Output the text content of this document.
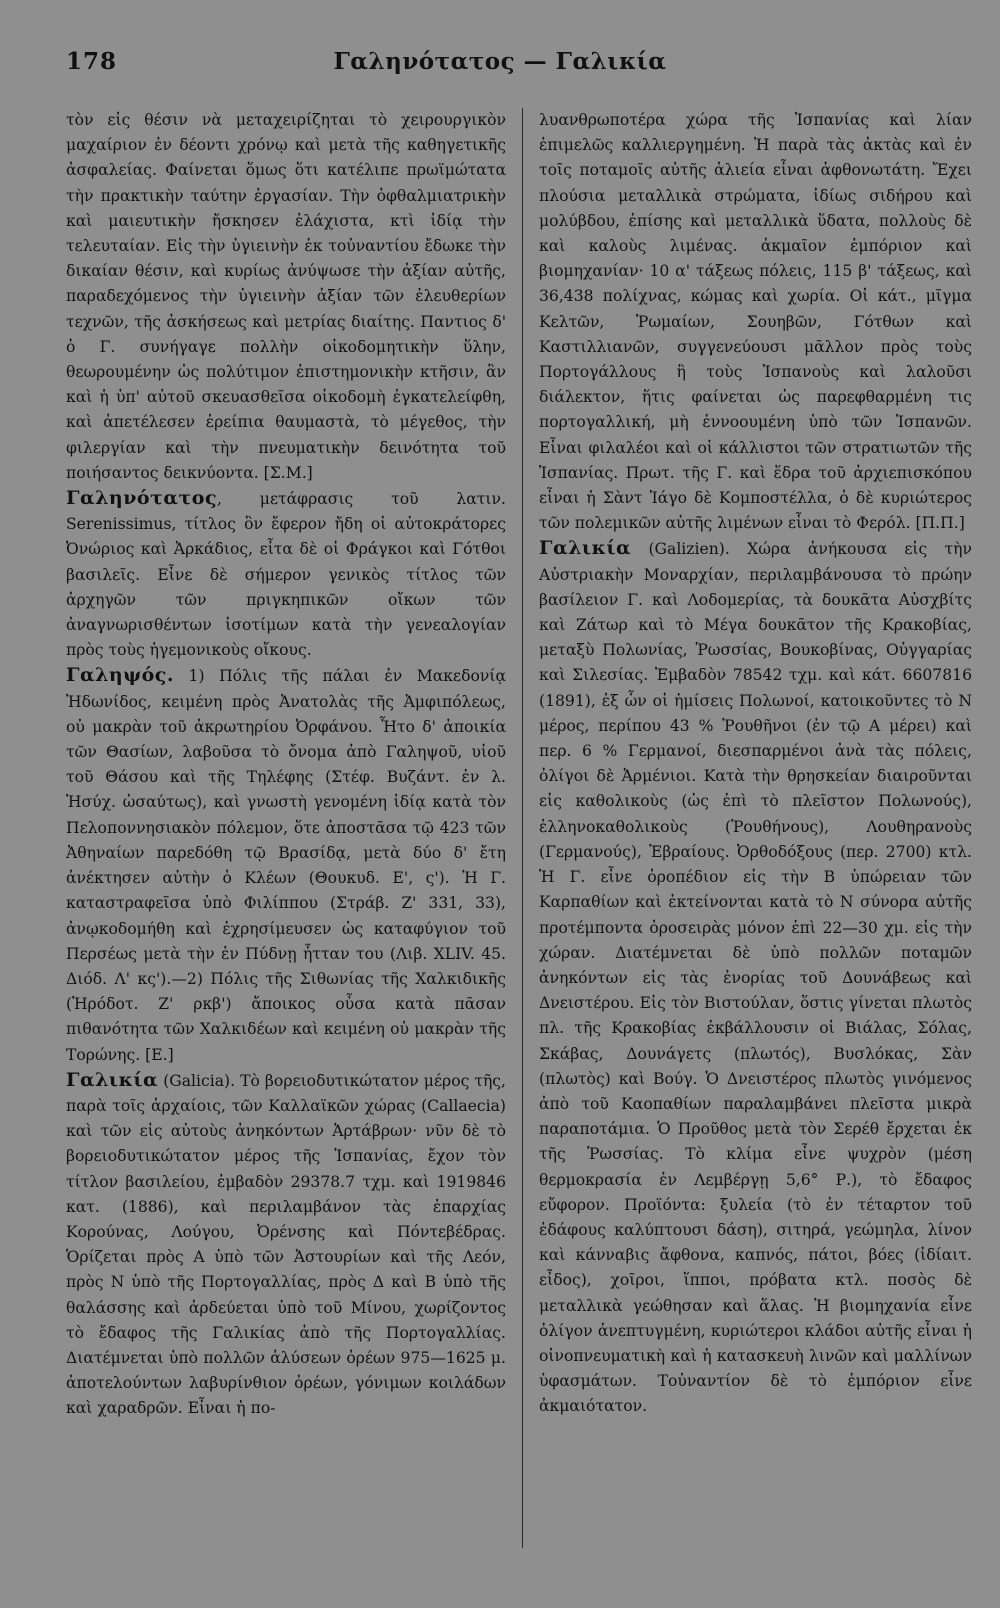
178	Γαληνότατος — Γαλικία

τὸν εἰς θέσιν νὰ μεταχειρίζηται τὸ χειρουργικὸν μαχαίριον ἐν δέοντι χρόνῳ καὶ μετὰ τῆς καθηγετικῆς ἀσφαλείας. Φαίνεται ὅμως ὅτι κατέλιπε πρωϊμώτατα τὴν πρακτικὴν ταύτην ἐργασίαν. Τὴν ὀφθαλμιατρικὴν καὶ μαιευτικὴν ἤσκησεν ἐλάχιστα, κτὶ ἰδίᾳ τὴν τελευταίαν. Εἰς τὴν ὑγιεινὴν ἐκ τοὐναντίου ἔδωκε τὴν δικαίαν θέσιν, καὶ κυρίως ἀνύψωσε τὴν ἀξίαν αὐτῆς, παραδεχόμενος τὴν ὑγιεινὴν ἀξίαν τῶν ἐλευθερίων τεχνῶν, τῆς ἀσκήσεως καὶ μετρίας διαίτης. Παντιος δ' ὁ Γ. συνήγαγε πολλὴν οἰκοδομητικὴν ὕλην, θεωρουμένην ὡς πολύτιμον ἐπιστημονικὴν κτῆσιν, ἂν καὶ ἡ ὑπ' αὐτοῦ σκευασθεῖσα οἰκοδομὴ ἐγκατελείφθη, καὶ ἀπετέλεσεν ἐρείπια θαυμαστὰ, τὸ μέγεθος, τὴν φιλεργίαν καὶ τὴν πνευματικὴν δεινότητα τοῦ ποιήσαντος δεικνύοντα. [Σ.Μ.]

Γαληνότατος, μετάφρασις τοῦ λατιν. Serenissimus, τίτλος ὃν ἔφερον ἤδη οἱ αὐτοκράτορες Ὀνώριος καὶ Ἀρκάδιος, εἶτα δὲ οἱ Φράγκοι καὶ Γότθοι βασιλεῖς. Εἶνε δὲ σήμερον γενικὸς τίτλος τῶν ἀρχηγῶν τῶν πριγκηπικῶν οἴκων τῶν ἀναγνωρισθέντων ἰσοτίμων κατὰ τὴν γενεαλογίαν πρὸς τοὺς ἡγεμονικοὺς οἴκους.

Γαληψός. 1) Πόλις τῆς πάλαι ἐν Μακεδονίᾳ Ἠδωνίδος, κειμένη πρὸς Ἀνατολὰς τῆς Ἀμφιπόλεως, οὐ μακρὰν τοῦ ἀκρωτηρίου Ὀρφάνου. Ἦτο δ' ἀποικία τῶν Θασίων, λαβοῦσα τὸ ὄνομα ἀπὸ Γαληψοῦ, υἱοῦ τοῦ Θάσου καὶ τῆς Τηλέφης (Στέφ. Βυζάντ. ἐν λ. Ἡσύχ. ὡσαύτως), καὶ γνωστὴ γενομένη ἰδίᾳ κατὰ τὸν Πελοποννησιακὸν πόλεμον, ὅτε ἀποστᾶσα τῷ 423 τῶν Ἀθηναίων παρεδόθη τῷ Βρασίδᾳ, μετὰ δύο δ' ἔτη ἀνέκτησεν αὐτὴν ὁ Κλέων (Θουκυδ. Ε', ς'). Ἡ Γ. καταστραφεῖσα ὑπὸ Φιλίππου (Στράβ. Ζ' 331, 33), ἀνῳκοδομήθη καὶ ἐχρησίμευσεν ὡς καταφύγιον τοῦ Περσέως μετὰ τὴν ἐν Πύδνῃ ἧτταν του (Λιβ. XLIV. 45. Διόδ. Λ' κς').—2) Πόλις τῆς Σιθωνίας τῆς Χαλκιδικῆς (Ἡρόδοτ. Ζ' ρκβ') ἄποικος οὖσα κατὰ πᾶσαν πιθανότητα τῶν Χαλκιδέων καὶ κειμένη οὐ μακρὰν τῆς Τορώνης. [Ε.]

Γαλικία (Galicia). Τὸ βορειοδυτικώτατον μέρος τῆς, παρὰ τοῖς ἀρχαίοις, τῶν Καλλαϊκῶν χώρας (Callaecia) καὶ τῶν εἰς αὐτοὺς ἀνηκόντων Ἀρτάβρων· νῦν δὲ τὸ βορειοδυτικώτατον μέρος τῆς Ἱσπανίας, ἔχον τὸν τίτλον βασιλείου, ἐμβαδὸν 29378.7 τχμ. καὶ 1919846 κατ. (1886), καὶ περιλαμβάνον τὰς ἐπαρχίας Κορούνας, Λούγου, Ὀρένσης καὶ Πόντεβέδρας. Ὁρίζεται πρὸς Α ὑπὸ τῶν Ἀστουρίων καὶ τῆς Λεόν, πρὸς Ν ὑπὸ τῆς Πορτογαλλίας, πρὸς Δ καὶ Β ὑπὸ τῆς θαλάσσης καὶ ἀρδεύεται ὑπὸ τοῦ Μίνου, χωρίζοντος τὸ ἔδαφος τῆς Γαλικίας ἀπὸ τῆς Πορτογαλλίας. Διατέμνεται ὑπὸ πολλῶν ἀλύσεων ὀρέων 975—1625 μ. ἀποτελούντων λαβυρίνθιον ὀρέων, γόνιμων κοιλάδων καὶ χαραδρῶν. Εἶναι ἡ πο-

λυανθρωποτέρα χώρα τῆς Ἱσπανίας καὶ λίαν ἐπιμελῶς καλλιεργημένη. Ἡ παρὰ τὰς ἀκτὰς καὶ ἐν τοῖς ποταμοῖς αὐτῆς ἁλιεία εἶναι ἀφθονωτάτη. Ἔχει πλούσια μεταλλικὰ στρώματα, ἰδίως σιδήρου καὶ μολύβδου, ἐπίσης καὶ μεταλλικὰ ὕδατα, πολλοὺς δὲ καὶ καλοὺς λιμένας. ἀκμαῖον ἐμπόριον καὶ βιομηχανίαν· 10 α' τάξεως πόλεις, 115 β' τάξεως, καὶ 36,438 πολίχνας, κώμας καὶ χωρία. Οἱ κάτ., μῖγμα Κελτῶν, Ῥωμαίων, Σουηβῶν, Γότθων καὶ Καστιλλιανῶν, συγγενεύουσι μᾶλλον πρὸς τοὺς Πορτογάλλους ἢ τοὺς Ἱσπανοὺς καὶ λαλοῦσι διάλεκτον, ἥτις φαίνεται ὡς παρεφθαρμένη τις πορτογαλλική, μὴ ἐννοουμένη ὑπὸ τῶν Ἱσπανῶν. Εἶναι φιλαλέοι καὶ οἱ κάλλιστοι τῶν στρατιωτῶν τῆς Ἱσπανίας. Πρωτ. τῆς Γ. καὶ ἕδρα τοῦ ἀρχιεπισκόπου εἶναι ἡ Σὰντ Ἰάγο δὲ Κομποστέλλα, ὁ δὲ κυριώτερος τῶν πολεμικῶν αὐτῆς λιμένων εἶναι τὸ Φερόλ. [Π.Π.]

Γαλικία (Galizien). Χώρα ἀνήκουσα εἰς τὴν Αὐστριακὴν Μοναρχίαν, περιλαμβάνουσα τὸ πρώην βασίλειον Γ. καὶ Λοδομερίας, τὰ δουκᾶτα Αὐσχβίτς καὶ Ζάτωρ καὶ τὸ Μέγα δουκᾶτον τῆς Κρακοβίας, μεταξὺ Πολωνίας, Ῥωσσίας, Βουκοβίνας, Οὐγγαρίας καὶ Σιλεσίας. Ἐμβαδὸν 78542 τχμ. καὶ κάτ. 6607816 (1891), ἐξ ὧν οἱ ἡμίσεις Πολωνοί, κατοικοῦντες τὸ Ν μέρος, περίπου 43 % Ῥουθῆνοι (ἐν τῷ Α μέρει) καὶ περ. 6 % Γερμανοί, διεσπαρμένοι ἀνὰ τὰς πόλεις, ὀλίγοι δὲ Ἀρμένιοι. Κατὰ τὴν θρησκείαν διαιροῦνται εἰς καθολικοὺς (ὡς ἐπὶ τὸ πλεῖστον Πολωνούς), ἑλληνοκαθολικοὺς (Ῥουθήνους), Λουθηρανοὺς (Γερμανούς), Ἑβραίους. Ὀρθοδόξους (περ. 2700) κτλ. Ἡ Γ. εἶνε ὀροπέδιον εἰς τὴν Β ὑπώρειαν τῶν Καρπαθίων καὶ ἐκτείνονται κατὰ τὸ Ν σύνορα αὐτῆς προτέμποντα ὀροσειρὰς μόνον ἐπὶ 22—30 χμ. εἰς τὴν χώραν. Διατέμνεται δὲ ὑπὸ πολλῶν ποταμῶν ἀνηκόντων εἰς τὰς ἐνορίας τοῦ Δουνάβεως καὶ Δνειστέρου. Εἰς τὸν Βιστούλαν, ὅστις γίνεται πλωτὸς πλ. τῆς Κρακοβίας ἐκβάλλουσιν οἱ Βιάλας, Σόλας, Σκάβας, Δουνάγετς (πλωτός), Βυσλόκας, Σὰν (πλωτὸς) καὶ Βούγ. Ὁ Δνειστέρος πλωτὸς γινόμενος ἀπὸ τοῦ Καοπαθίων παραλαμβάνει πλεῖστα μικρὰ παραποτάμια. Ὁ Προῦθος μετὰ τὸν Σερέθ ἔρχεται ἐκ τῆς Ῥωσσίας. Τὸ κλίμα εἶνε ψυχρὸν (μέση θερμοκρασία ἐν Λεμβέργῃ 5,6° Ρ.), τὸ ἔδαφος εὔφορον. Προϊόντα: ξυλεία (τὸ ἐν τέταρτον τοῦ ἐδάφους καλύπτουσι δάση), σιτηρά, γεώμηλα, λίνον καὶ κάνναβις ἄφθονα, καπνός, πάτοι, βόες (ἰδίαιτ. εἶδος), χοῖροι, ἵπποι, πρόβατα κτλ. ποσὸς δὲ μεταλλικὰ γεώθησαν καὶ ἅλας. Ἡ βιομηχανία εἶνε ὀλίγον ἀνεπτυγμένη, κυριώτεροι κλάδοι αὐτῆς εἶναι ἡ οἰνοπνευματικὴ καὶ ἡ κατασκευὴ λινῶν καὶ μαλλίνων ὑφασμάτων. Τοὐναντίον δὲ τὸ ἐμπόριον εἶνε ἀκμαιότατον.
